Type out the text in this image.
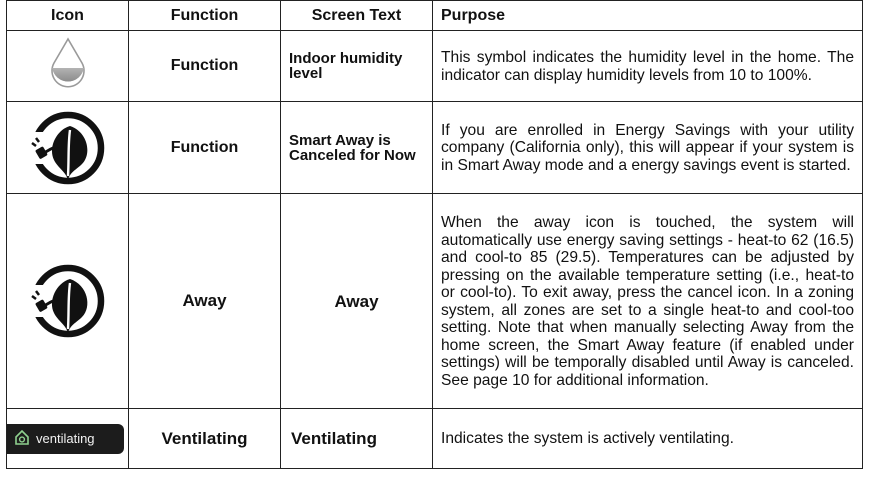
Icon	Function	Screen Text	Purpose
	Function	Indoor humidity level	This symbol indicates the humidity level in the home. The indicator can display humidity levels from 10 to 100%.

	Function	Smart Away is Canceled for Now	If you are enrolled in Energy Savings with your utility company (California only), this will appear if your system is in Smart Away mode and a energy savings event is started.

	Away	Away	When the away icon is touched, the system will automatically use energy saving settings - heat-to 62 (16.5) and cool-to 85 (29.5). Temperatures can be adjusted by pressing on the available temperature setting (i.e., heat-to or cool-to). To exit away, press the cancel icon. In a zoning system, all zones are set to a single heat-to and cool-too setting. Note that when manually selecting Away from the home screen, the Smart Away feature (if enabled under settings) will be temporally disabled until Away is canceled. See page 10 for additional information.

ventilating	Ventilating	Ventilating	Indicates the system is actively ventilating.
